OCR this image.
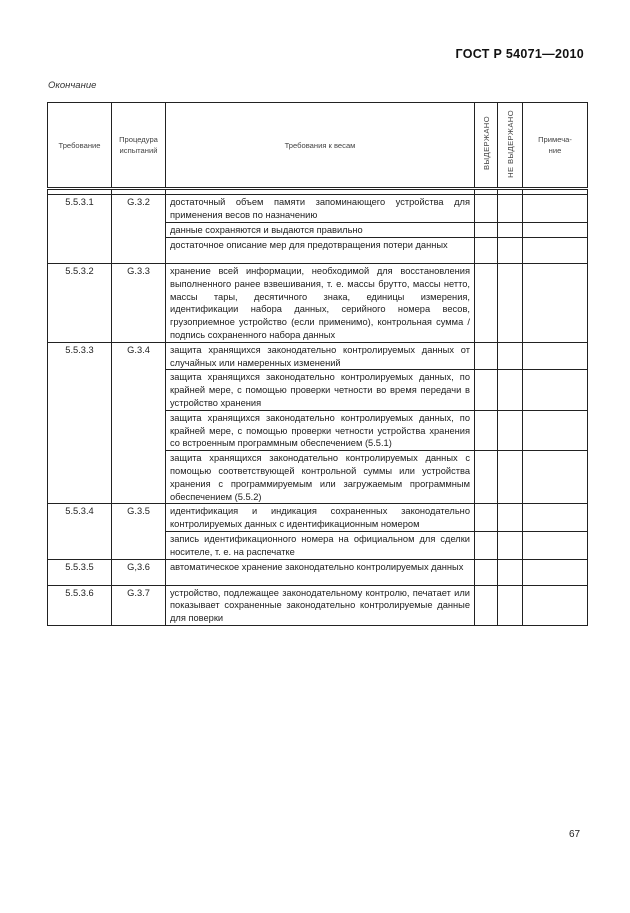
ГОСТ Р 54071—2010
Окончание
Требование	Процедура испытаний	Требования к весам	ВЫДЕРЖАНО	НЕ ВЫДЕРЖАНО	Примеча-ние

5.5.3.1	G.3.2	достаточный объем памяти запоминающего устройства для применения весов по назначению			
		данные сохраняются и выдаются правильно			
		достаточное описание мер для предотвращения потери данных			
5.5.3.2	G.3.3	хранение всей информации, необходимой для восстановления выполненного ранее взвешивания, т. е. массы брутто, массы нетто, массы тары, десятичного знака, единицы измерения, идентификации набора данных, серийного номера весов, грузоприемное устройство (если применимо), контрольная сумма / подпись сохраненного набора данных			
5.5.3.3	G.3.4	защита хранящихся законодательно контролируемых данных от случайных или намеренных изменений			
		защита хранящихся законодательно контролируемых данных, по крайней мере, с помощью проверки четности во время передачи в устройство хранения			
		защита хранящихся законодательно контролируемых данных, по крайней мере, с помощью проверки четности устройства хранения со встроенным программным обеспечением (5.5.1)			
		защита хранящихся законодательно контролируемых данных с помощью соответствующей контрольной суммы или устройства хранения с программируемым или загружаемым программным обеспечением (5.5.2)			
5.5.3.4	G.3.5	идентификация и индикация сохраненных законодательно контролируемых данных с идентификационным номером			
		запись идентификационного номера на официальном для сделки носителе, т. е. на распечатке			
5.5.3.5	G,3.6	автоматическое хранение законодательно контролируемых данных			
5.5.3.6	G.3.7	устройство, подлежащее законодательному контролю, печатает или показывает сохраненные законодательно контролируемые данные для поверки			
67
